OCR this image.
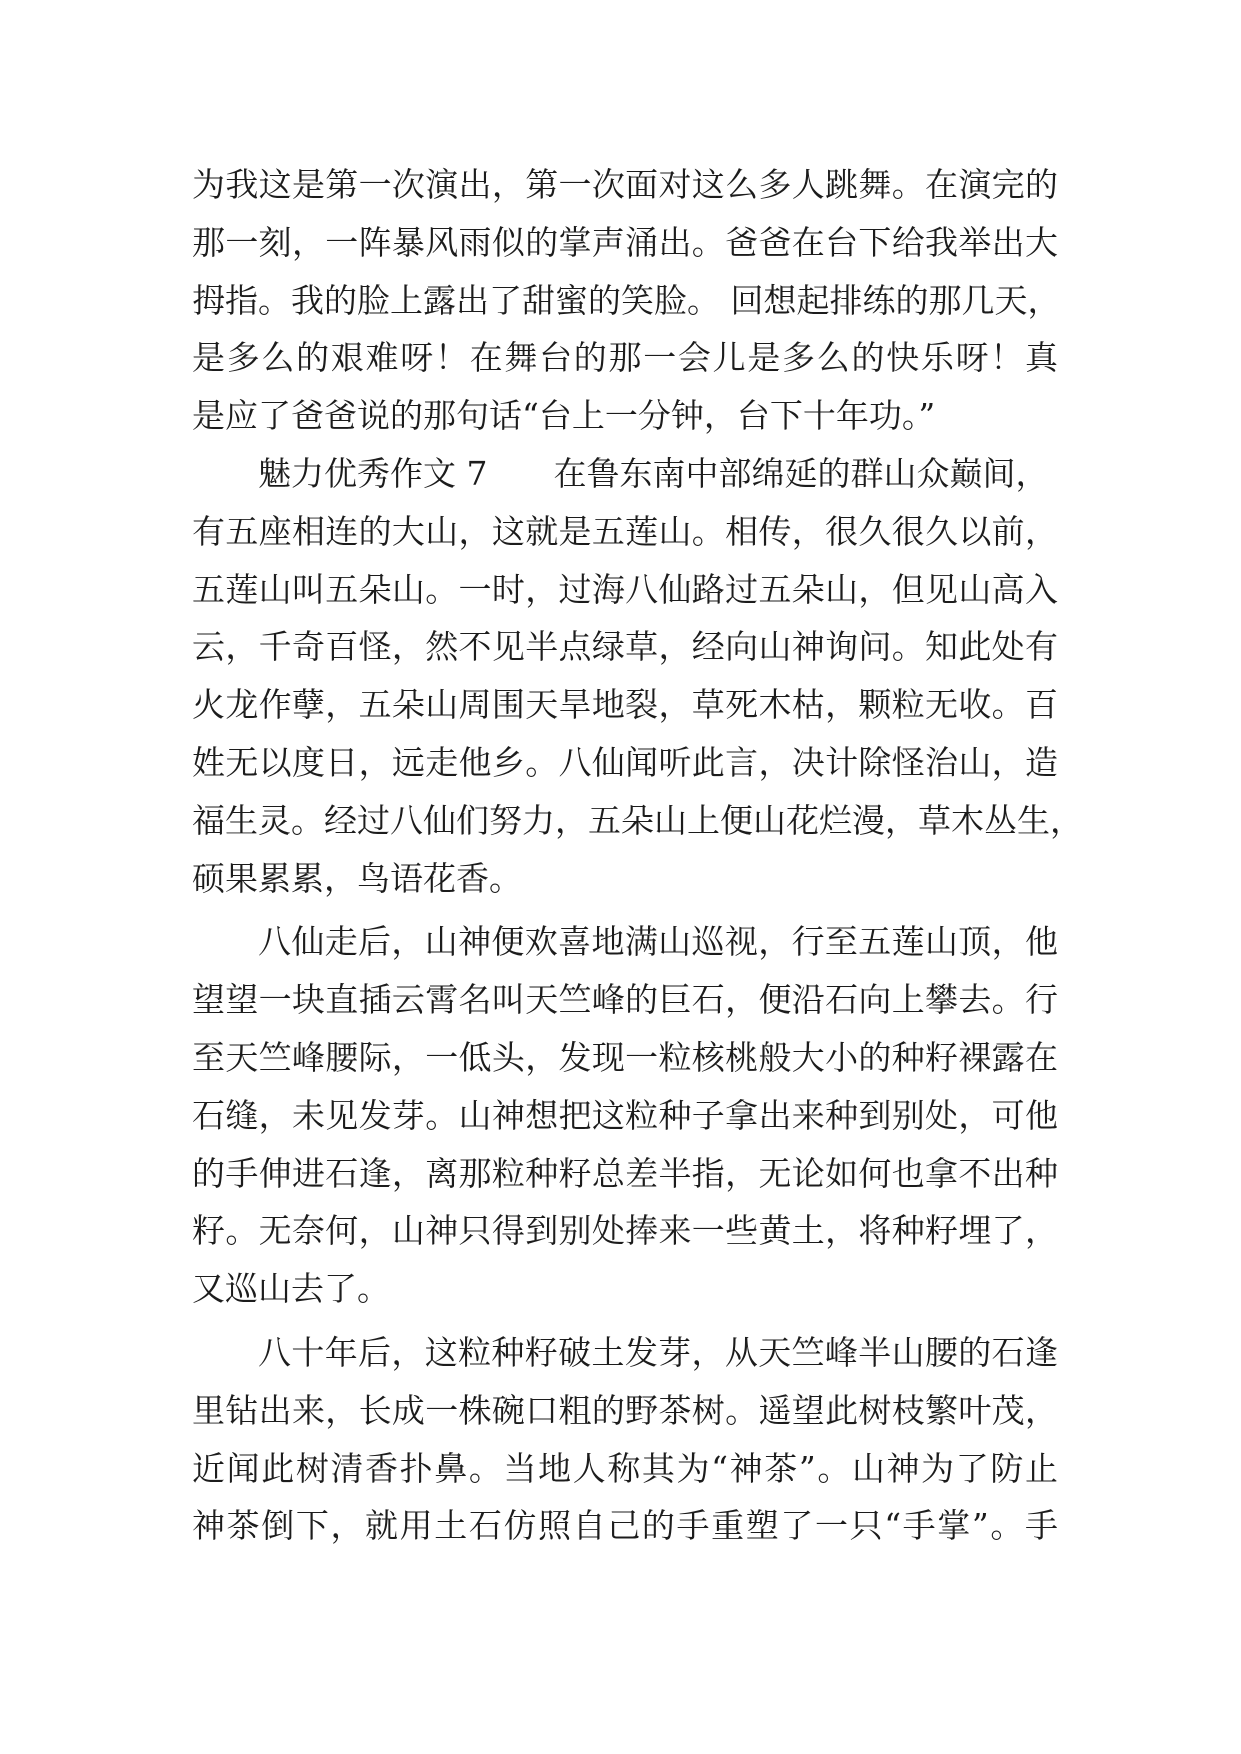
为我这是第一次演出，第一次面对这么多人跳舞。在演完的
那一刻，一阵暴风雨似的掌声涌出。爸爸在台下给我举出大
拇指。我的脸上露出了甜蜜的笑脸。 回想起排练的那几天，
是多么的艰难呀！在舞台的那一会儿是多么的快乐呀！真
是应了爸爸说的那句话“台上一分钟，台下十年功。”
魅力优秀作文 7　　在鲁东南中部绵延的群山众巅间，
有五座相连的大山，这就是五莲山。相传，很久很久以前，
五莲山叫五朵山。一时，过海八仙路过五朵山，但见山高入
云，千奇百怪，然不见半点绿草，经向山神询问。知此处有
火龙作孽，五朵山周围天旱地裂，草死木枯，颗粒无收。百
姓无以度日，远走他乡。八仙闻听此言，决计除怪治山，造
福生灵。经过八仙们努力，五朵山上便山花烂漫，草木丛生，
硕果累累，鸟语花香。
八仙走后，山神便欢喜地满山巡视，行至五莲山顶，他
望望一块直插云霄名叫天竺峰的巨石，便沿石向上攀去。行
至天竺峰腰际，一低头，发现一粒核桃般大小的种籽裸露在
石缝，未见发芽。山神想把这粒种子拿出来种到别处，可他
的手伸进石逢，离那粒种籽总差半指，无论如何也拿不出种
籽。无奈何，山神只得到别处捧来一些黄土，将种籽埋了，
又巡山去了。
八十年后，这粒种籽破土发芽，从天竺峰半山腰的石逢
里钻出来，长成一株碗口粗的野茶树。遥望此树枝繁叶茂，
近闻此树清香扑鼻。当地人称其为“神茶”。山神为了防止
神茶倒下，就用土石仿照自己的手重塑了一只“手掌”。手
